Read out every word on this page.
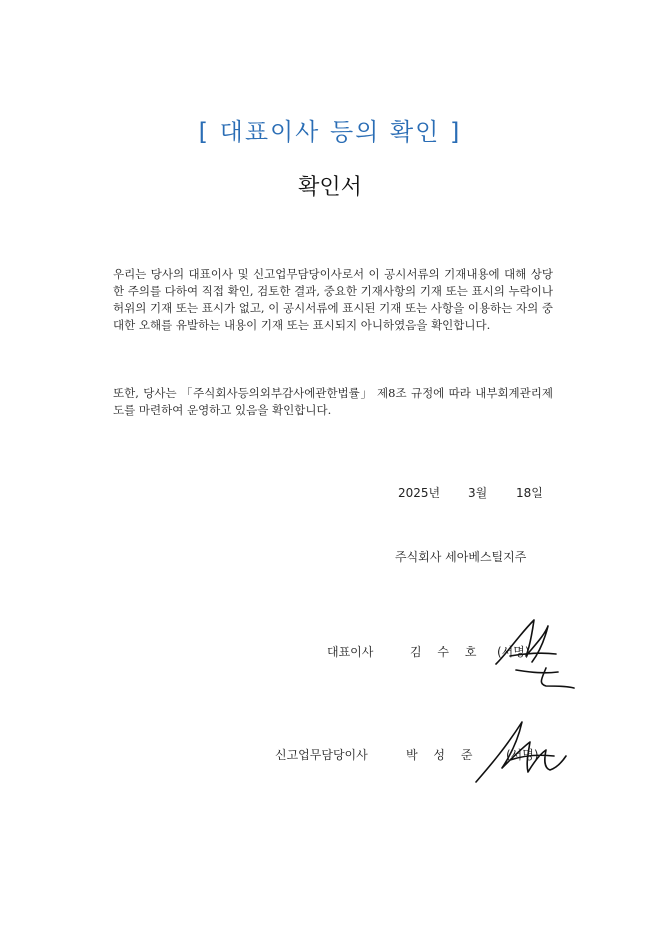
[ 대표이사 등의 확인 ]
확인서

우리는 당사의 대표이사 및 신고업무담당이사로서 이 공시서류의 기재내용에 대해 상당한 주의를 다하여 직접 확인, 검토한 결과, 중요한 기재사항의 기재 또는 표시의 누락이나 허위의 기재 또는 표시가 없고, 이 공시서류에 표시된 기재 또는 사항을 이용하는 자의 중대한 오해를 유발하는 내용이 기재 또는 표시되지 아니하였음을 확인합니다.

또한, 당사는 「주식회사등의외부감사에관한법률」 제8조 규정에 따라 내부회계관리제도를 마련하여 운영하고 있음을 확인합니다.

2025년 3월 18일
주식회사 세아베스틸지주
대표이사	김 수 호 (서명)
신고업무담당이사	박 성 준 (서명)
